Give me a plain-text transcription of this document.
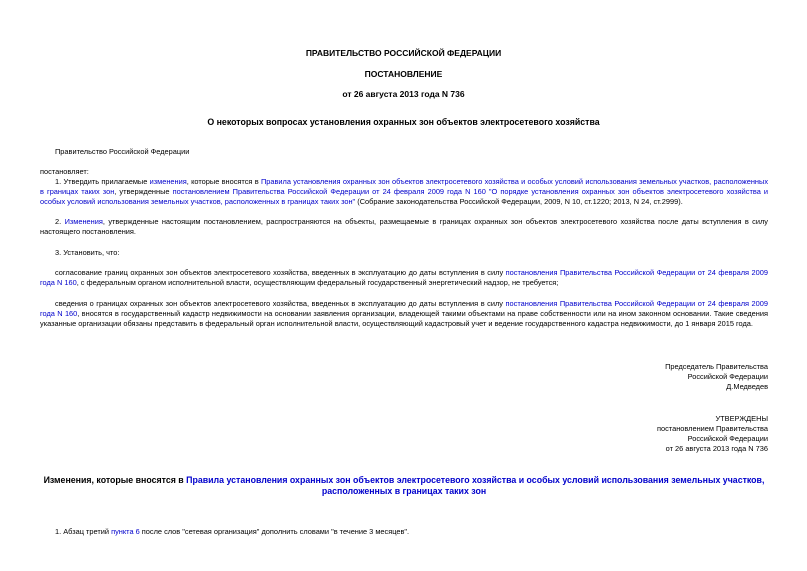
ПРАВИТЕЛЬСТВО РОССИЙСКОЙ ФЕДЕРАЦИИ
ПОСТАНОВЛЕНИЕ
от 26 августа 2013 года N 736
О некоторых вопросах установления охранных зон объектов электросетевого хозяйства

Правительство Российской Федерации

постановляет:

1. Утвердить прилагаемые изменения, которые вносятся в Правила установления охранных зон объектов электросетевого хозяйства и особых условий использования земельных участков, расположенных в границах таких зон, утвержденные постановлением Правительства Российской Федерации от 24 февраля 2009 года N 160 "О порядке установления охранных зон объектов электросетевого хозяйства и особых условий использования земельных участков, расположенных в границах таких зон" (Собрание законодательства Российской Федерации, 2009, N 10, ст.1220; 2013, N 24, ст.2999).

2. Изменения, утвержденные настоящим постановлением, распространяются на объекты, размещаемые в границах охранных зон объектов электросетевого хозяйства после даты вступления в силу настоящего постановления.

3. Установить, что:

согласование границ охранных зон объектов электросетевого хозяйства, введенных в эксплуатацию до даты вступления в силу постановления Правительства Российской Федерации от 24 февраля 2009 года N 160, с федеральным органом исполнительной власти, осуществляющим федеральный государственный энергетический надзор, не требуется;

сведения о границах охранных зон объектов электросетевого хозяйства, введенных в эксплуатацию до даты вступления в силу постановления Правительства Российской Федерации от 24 февраля 2009 года N 160, вносятся в государственный кадастр недвижимости на основании заявления организации, владеющей такими объектами на праве собственности или на ином законном основании. Такие сведения указанные организации обязаны представить в федеральный орган исполнительной власти, осуществляющий кадастровый учет и ведение государственного кадастра недвижимости, до 1 января 2015 года.

Председатель Правительства
Российской Федерации
Д.Медведев
УТВЕРЖДЕНЫ
постановлением Правительства
Российской Федерации
от 26 августа 2013 года N 736
Изменения, которые вносятся в Правила установления охранных зон объектов электросетевого хозяйства и особых условий использования земельных участков, расположенных в границах таких зон

1. Абзац третий пункта 6 после слов "сетевая организация" дополнить словами "в течение 3 месяцев".
